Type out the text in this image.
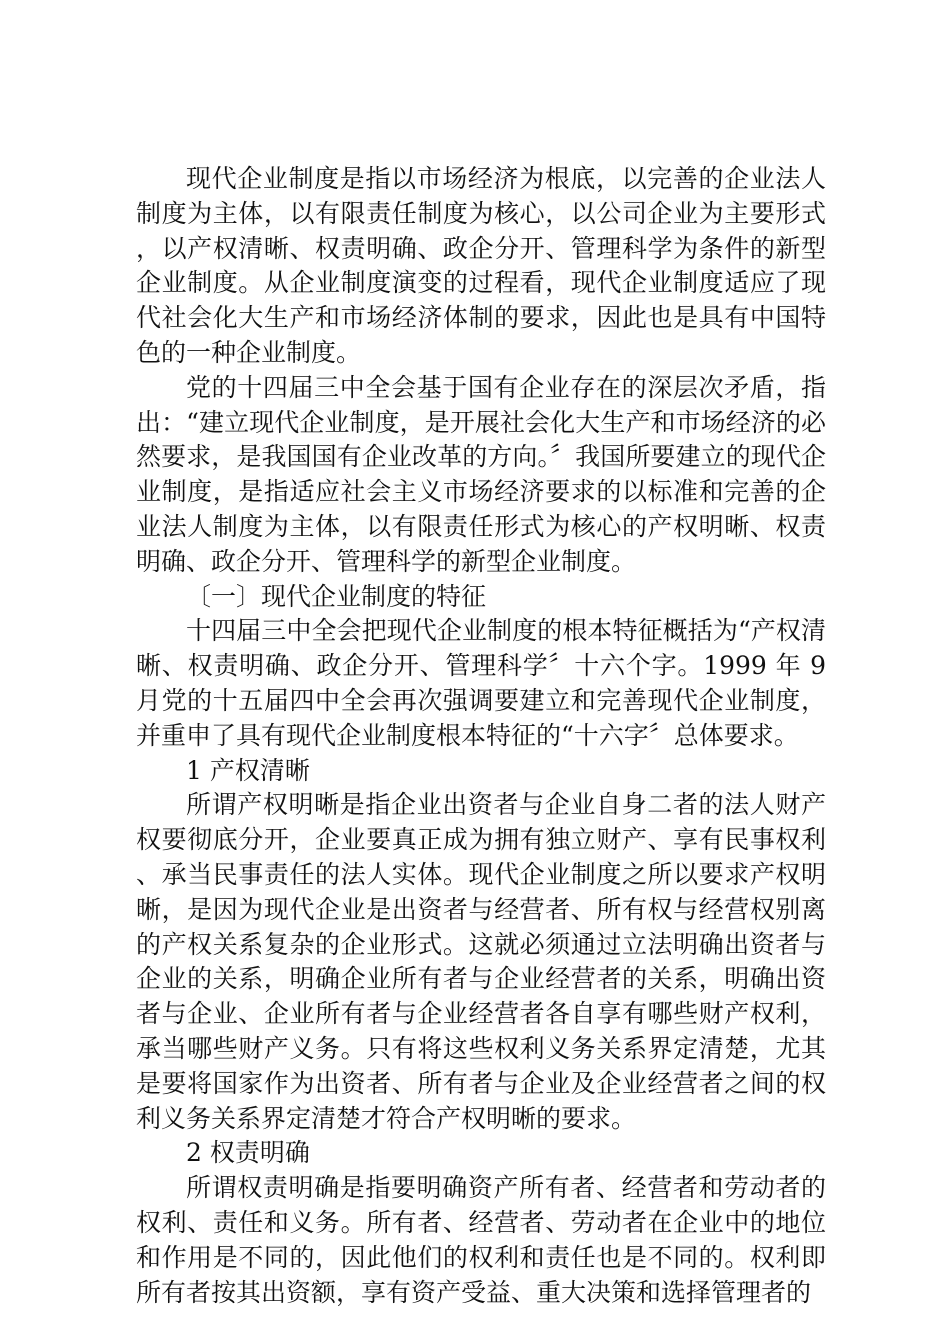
现代企业制度是指以市场经济为根底，以完善的企业法人制度为主体，以有限责任制度为核心，以公司企业为主要形式，以产权清晰、权责明确、政企分开、管理科学为条件的新型企业制度。从企业制度演变的过程看，现代企业制度适应了现代社会化大生产和市场经济体制的要求，因此也是具有中国特色的一种企业制度。

党的十四届三中全会基于国有企业存在的深层次矛盾，指出：“建立现代企业制度，是开展社会化大生产和市场经济的必然要求，是我国国有企业改革的方向。〞我国所要建立的现代企业制度，是指适应社会主义市场经济要求的以标准和完善的企业法人制度为主体，以有限责任形式为核心的产权明晰、权责明确、政企分开、管理科学的新型企业制度。

〔一〕现代企业制度的特征

十四届三中全会把现代企业制度的根本特征概括为“产权清晰、权责明确、政企分开、管理科学〞十六个字。1999 年 9 月党的十五届四中全会再次强调要建立和完善现代企业制度，并重申了具有现代企业制度根本特征的“十六字〞总体要求。

1 产权清晰

所谓产权明晰是指企业出资者与企业自身二者的法人财产权要彻底分开，企业要真正成为拥有独立财产、享有民事权利、承当民事责任的法人实体。现代企业制度之所以要求产权明晰，是因为现代企业是出资者与经营者、所有权与经营权别离的产权关系复杂的企业形式。这就必须通过立法明确出资者与企业的关系，明确企业所有者与企业经营者的关系，明确出资者与企业、企业所有者与企业经营者各自享有哪些财产权利，承当哪些财产义务。只有将这些权利义务关系界定清楚，尤其是要将国家作为出资者、所有者与企业及企业经营者之间的权利义务关系界定清楚才符合产权明晰的要求。

2 权责明确

所谓权责明确是指要明确资产所有者、经营者和劳动者的权利、责任和义务。所有者、经营者、劳动者在企业中的地位和作用是不同的，因此他们的权利和责任也是不同的。权利即所有者按其出资额，享有资产受益、重大决策和选择管理者的
